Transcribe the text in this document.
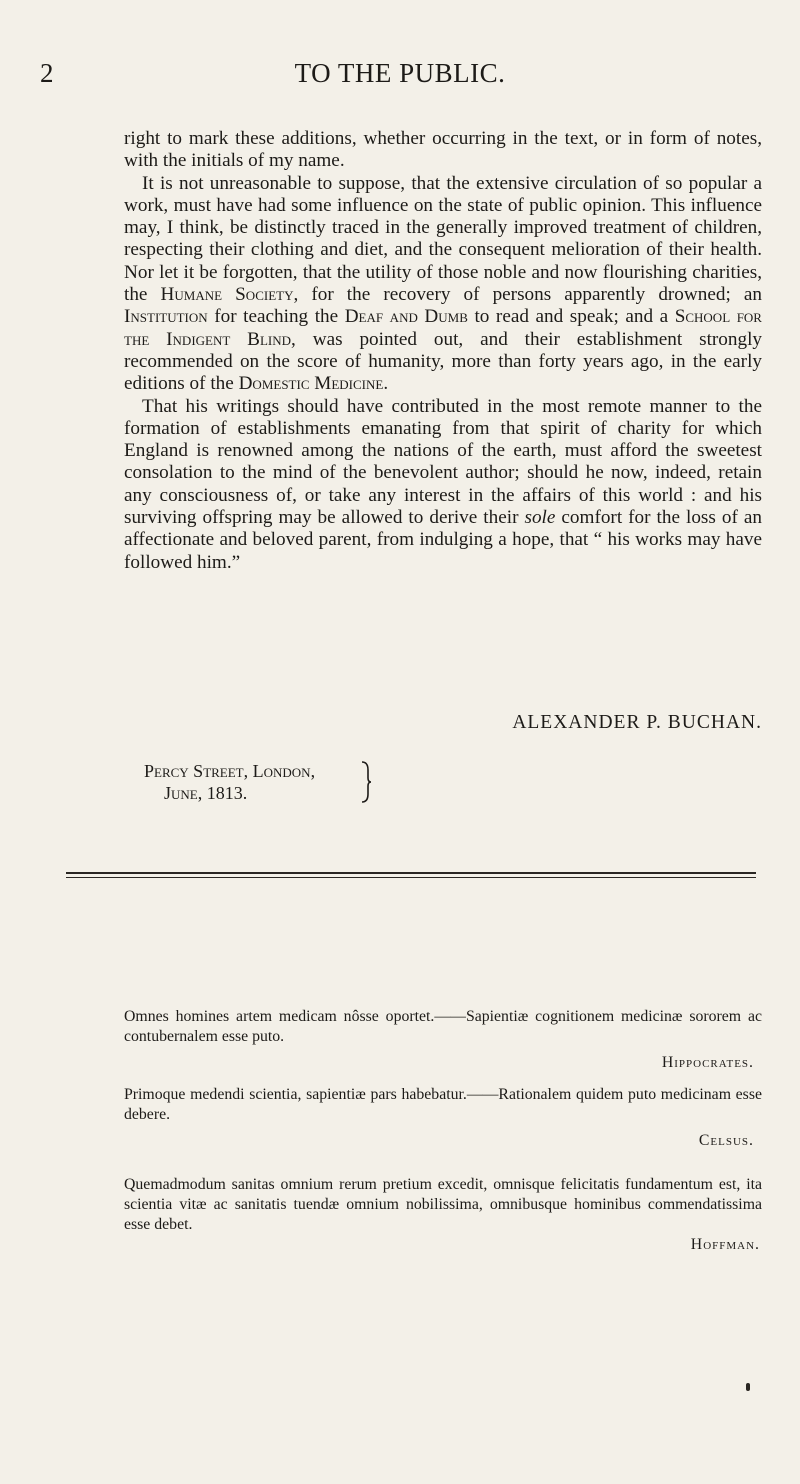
2	TO THE PUBLIC.

right to mark these additions, whether occurring in the text, or in form of notes, with the initials of my name.

It is not unreasonable to suppose, that the extensive circulation of so popular a work, must have had some influence on the state of public opinion. This influence may, I think, be distinctly traced in the generally improved treatment of children, respecting their clothing and diet, and the consequent melioration of their health. Nor let it be forgotten, that the utility of those noble and now flourishing charities, the Humane Society, for the recovery of persons apparently drowned; an Institution for teaching the Deaf and Dumb to read and speak; and a School for the Indigent Blind, was pointed out, and their establishment strongly recommended on the score of humanity, more than forty years ago, in the early editions of the Domestic Medicine.

That his writings should have contributed in the most remote manner to the formation of establishments emanating from that spirit of charity for which England is renowned among the nations of the earth, must afford the sweetest consolation to the mind of the benevolent author; should he now, indeed, retain any consciousness of, or take any interest in the affairs of this world : and his surviving offspring may be allowed to derive their sole comfort for the loss of an affectionate and beloved parent, from indulging a hope, that “ his works may have followed him.”

ALEXANDER P. BUCHAN.
Percy Street, London,
June, 1813.

Omnes homines artem medicam nôsse oportet.——Sapientiæ cognitionem medicinæ sororem ac contubernalem esse puto.

Hippocrates.

Primoque medendi scientia, sapientiæ pars habebatur.——Rationalem quidem puto medicinam esse debere.

Celsus.

Quemadmodum sanitas omnium rerum pretium excedit, omnisque felicitatis fundamentum est, ita scientia vitæ ac sanitatis tuendæ omnium nobilissima, omnibusque hominibus commendatissima esse debet.

Hoffman.
